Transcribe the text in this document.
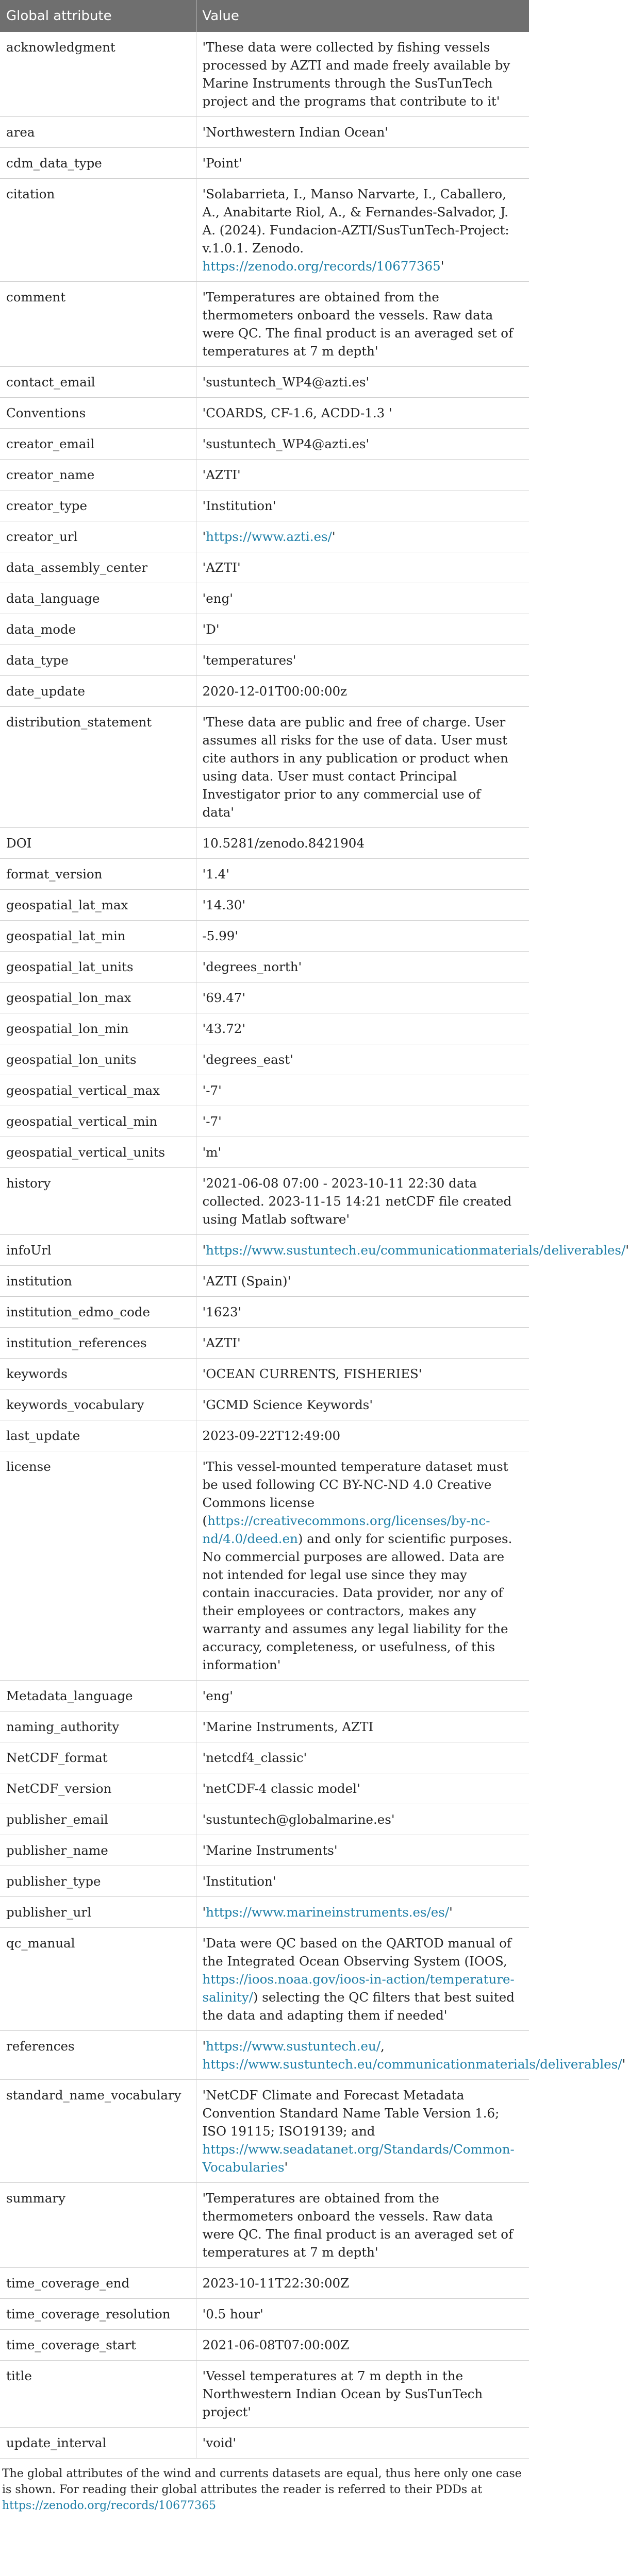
Global attribute	Value
acknowledgment	'These data were collected by fishing vessels processed by AZTI and made freely available by Marine Instruments through the SusTunTech project and the programs that contribute to it'
area	'Northwestern Indian Ocean'
cdm_data_type	'Point'
citation	'Solabarrieta, I., Manso Narvarte, I., Caballero, A., Anabitarte Riol, A., & Fernandes-Salvador, J. A. (2024). Fundacion-AZTI/SusTunTech-Project: v.1.0.1. Zenodo. https://zenodo.org/records/10677365'
comment	'Temperatures are obtained from the thermometers onboard the vessels. Raw data were QC. The final product is an averaged set of temperatures at 7 m depth'
contact_email	'sustuntech_WP4@azti.es'
Conventions	'COARDS, CF-1.6, ACDD-1.3 '
creator_email	'sustuntech_WP4@azti.es'
creator_name	'AZTI'
creator_type	'Institution'
creator_url	'https://www.azti.es/'
data_assembly_center	'AZTI'
data_language	'eng'
data_mode	'D'
data_type	'temperatures'
date_update	2020-12-01T00:00:00z
distribution_statement	'These data are public and free of charge. User assumes all risks for the use of data. User must cite authors in any publication or product when using data. User must contact Principal Investigator prior to any commercial use of data'
DOI	10.5281/zenodo.8421904
format_version	'1.4'
geospatial_lat_max	'14.30'
geospatial_lat_min	-5.99'
geospatial_lat_units	'degrees_north'
geospatial_lon_max	'69.47'
geospatial_lon_min	'43.72'
geospatial_lon_units	'degrees_east'
geospatial_vertical_max	'-7'
geospatial_vertical_min	'-7'
geospatial_vertical_units	'm'
history	'2021-06-08 07:00 - 2023-10-11 22:30 data collected. 2023-11-15 14:21 netCDF file created using Matlab software'
infoUrl	'https://www.sustuntech.eu/communicationmaterials/deliverables/'
institution	'AZTI (Spain)'
institution_edmo_code	'1623'
institution_references	'AZTI'
keywords	'OCEAN CURRENTS, FISHERIES'
keywords_vocabulary	'GCMD Science Keywords'
last_update	2023-09-22T12:49:00
license	'This vessel-mounted temperature dataset must be used following CC BY-NC-ND 4.0 Creative Commons license (https://creativecommons.org/licenses/by-nc-nd/4.0/deed.en) and only for scientific purposes. No commercial purposes are allowed. Data are not intended for legal use since they may contain inaccuracies. Data provider, nor any of their employees or contractors, makes any warranty and assumes any legal liability for the accuracy, completeness, or usefulness, of this information'
Metadata_language	'eng'
naming_authority	'Marine Instruments, AZTI
NetCDF_format	'netcdf4_classic'
NetCDF_version	'netCDF-4 classic model'
publisher_email	'sustuntech@globalmarine.es'
publisher_name	'Marine Instruments'
publisher_type	'Institution'
publisher_url	'https://www.marineinstruments.es/es/'
qc_manual	'Data were QC based on the QARTOD manual of the Integrated Ocean Observing System (IOOS, https://ioos.noaa.gov/ioos-in-action/temperature-salinity/) selecting the QC filters that best suited the data and adapting them if needed'
references	'https://www.sustuntech.eu/, https://www.sustuntech.eu/communicationmaterials/deliverables/'
standard_name_vocabulary	'NetCDF Climate and Forecast Metadata Convention Standard Name Table Version 1.6; ISO 19115; ISO19139; and https://www.seadatanet.org/Standards/Common-Vocabularies'
summary	'Temperatures are obtained from the thermometers onboard the vessels. Raw data were QC. The final product is an averaged set of temperatures at 7 m depth'
time_coverage_end	2023-10-11T22:30:00Z
time_coverage_resolution	'0.5 hour'
time_coverage_start	2021-06-08T07:00:00Z
title	'Vessel temperatures at 7 m depth in the Northwestern Indian Ocean by SusTunTech project'
update_interval	'void'
The global attributes of the wind and currents datasets are equal, thus here only one case is shown. For reading their global attributes the reader is referred to their PDDs at https://zenodo.org/records/10677365
